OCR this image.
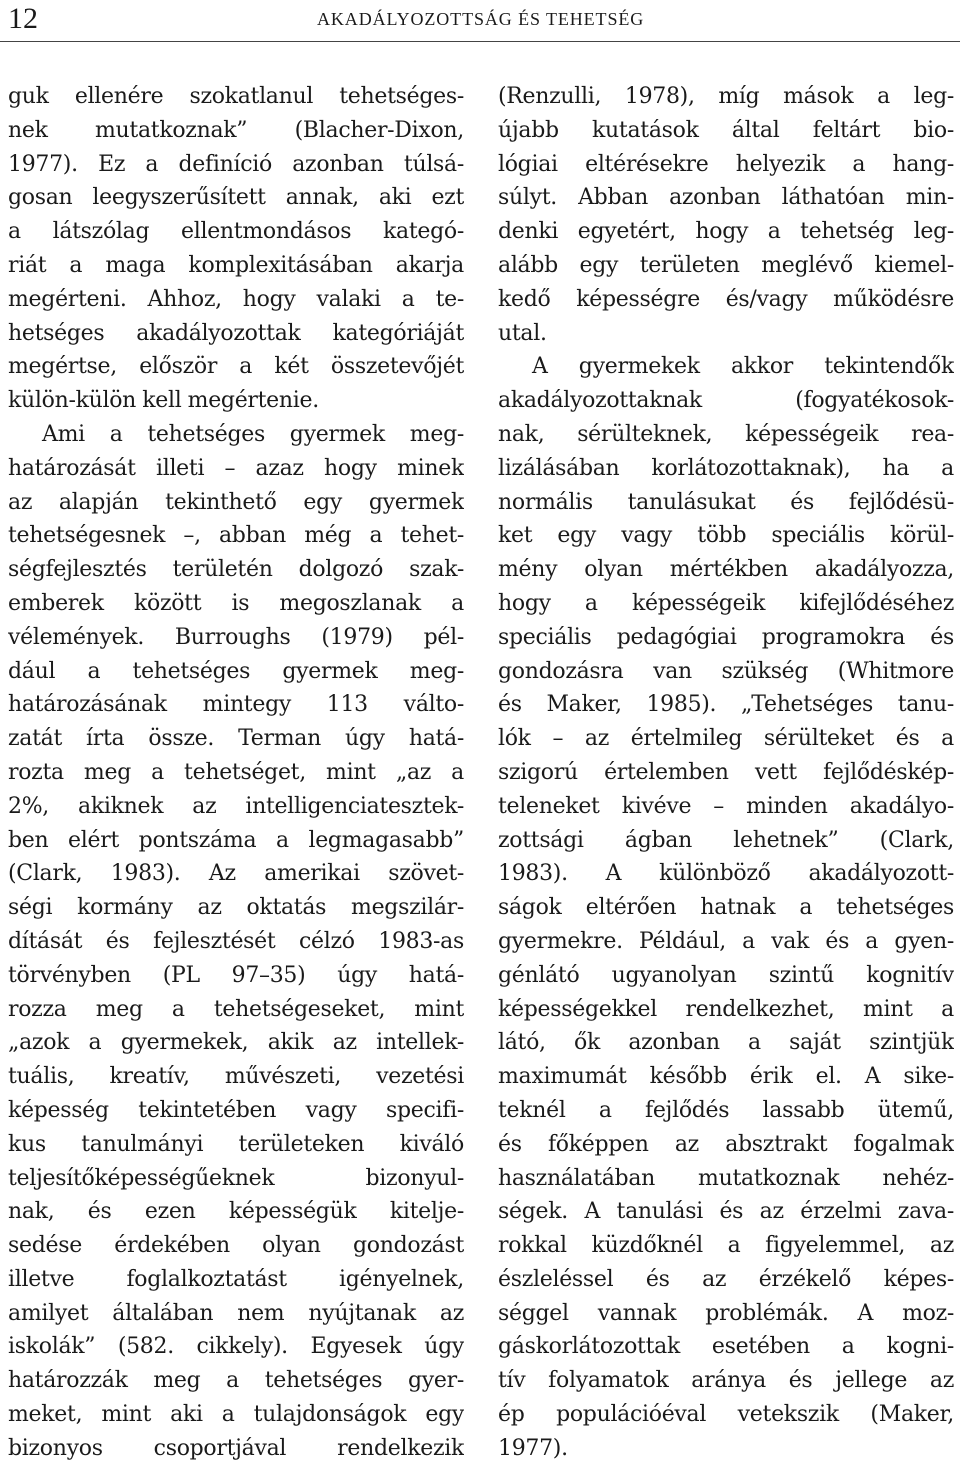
12	AKADÁLYOZOTTSÁG ÉS TEHETSÉG
guk ellenére szokatlanul tehetséges-
nek mutatkoznak” (Blacher-Dixon,
1977). Ez a definíció azonban túlsá-
gosan leegyszerűsített annak, aki ezt
a látszólag ellentmondásos kategó-
riát a maga komplexitásában akarja
megérteni. Ahhoz, hogy valaki a te-
hetséges akadályozottak kategóriáját
megértse, először a két összetevőjét
külön-külön kell megértenie.
Ami a tehetséges gyermek meg-
határozását illeti – azaz hogy minek
az alapján tekinthető egy gyermek
tehetségesnek –, abban még a tehet-
ségfejlesztés területén dolgozó szak-
emberek között is megoszlanak a
vélemények. Burroughs (1979) pél-
dául a tehetséges gyermek meg-
határozásának mintegy 113 válto-
zatát írta össze. Terman úgy hatá-
rozta meg a tehetséget, mint „az a
2%, akiknek az intelligenciatesztek-
ben elért pontszáma a legmagasabb”
(Clark, 1983). Az amerikai szövet-
ségi kormány az oktatás megszilár-
dítását és fejlesztését célzó 1983-as
törvényben (PL 97–35) úgy hatá-
rozza meg a tehetségeseket, mint
„azok a gyermekek, akik az intellek-
tuális, kreatív, művészeti, vezetési
képesség tekintetében vagy specifi-
kus tanulmányi területeken kiváló
teljesítőképességűeknek bizonyul-
nak, és ezen képességük kitelje-
sedése érdekében olyan gondozást
illetve foglalkoztatást igényelnek,
amilyet általában nem nyújtanak az
iskolák” (582. cikkely). Egyesek úgy
határozzák meg a tehetséges gyer-
meket, mint aki a tulajdonságok egy
bizonyos csoportjával rendelkezik
(Renzulli, 1978), míg mások a leg-
újabb kutatások által feltárt bio-
lógiai eltérésekre helyezik a hang-
súlyt. Abban azonban láthatóan min-
denki egyetért, hogy a tehetség leg-
alább egy területen meglévő kiemel-
kedő képességre és/vagy működésre
utal.
A gyermekek akkor tekintendők
akadályozottaknak (fogyatékosok-
nak, sérülteknek, képességeik rea-
lizálásában korlátozottaknak), ha a
normális tanulásukat és fejlődésü-
ket egy vagy több speciális körül-
mény olyan mértékben akadályozza,
hogy a képességeik kifejlődéséhez
speciális pedagógiai programokra és
gondozásra van szükség (Whitmore
és Maker, 1985). „Tehetséges tanu-
lók – az értelmileg sérülteket és a
szigorú értelemben vett fejlődéskép-
teleneket kivéve – minden akadályo-
zottsági ágban lehetnek” (Clark,
1983). A különböző akadályozott-
ságok eltérően hatnak a tehetséges
gyermekre. Például, a vak és a gyen-
génlátó ugyanolyan szintű kognitív
képességekkel rendelkezhet, mint a
látó, ők azonban a saját szintjük
maximumát később érik el. A sike-
teknél a fejlődés lassabb ütemű,
és főképpen az absztrakt fogalmak
használatában mutatkoznak nehéz-
ségek. A tanulási és az érzelmi zava-
rokkal küzdőknél a figyelemmel, az
észleléssel és az érzékelő képes-
séggel vannak problémák. A moz-
gáskorlátozottak esetében a kogni-
tív folyamatok aránya és jellege az
ép populációéval vetekszik (Maker,
1977).
